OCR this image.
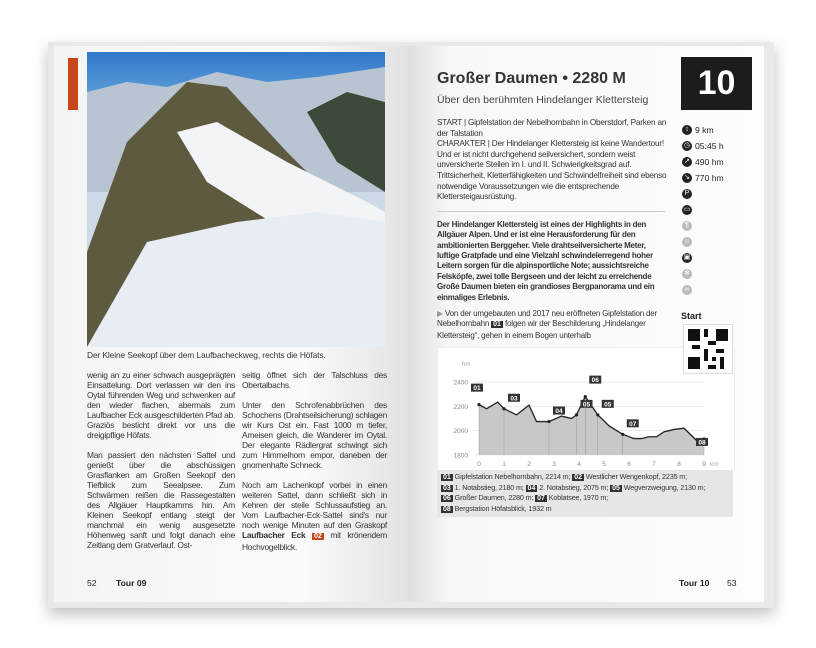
Der Kleine Seekopf über dem Laufbacheckweg, rechts die Höfats.

wenig an zu einer schwach ausgeprägten Einsattelung. Dort verlassen wir den ins Oytal führenden Weg und schwenken auf den wieder flachen, abermals zum Laufbacher Eck ausgeschilderten Pfad ab. Graziös besticht direkt vor uns die dreigipflige Höfats.

Man passiert den nächsten Sattel und genießt über die abschüssigen Grasflanken am Großen Seekopf den Tiefblick zum Seealpsee. Zum Schwärmen reißen die Rassegestalten des Allgäuer Hauptkamms hin. Am Kleinen Seekopf entlang steigt der manchmal ein wenig ausgesetzte Höhenweg sanft und folgt danach eine Zeitlang dem Gratverlauf. Ost-

seitig öffnet sich der Talschluss des Obertalbachs.

Unter den Schrofenabbrüchen des Schochens (Drahtseilsicherung) schlagen wir Kurs Ost ein. Fast 1000 m tiefer, Ameisen gleich, die Wanderer im Oytal. Der elegante Rädlergrat schwingt sich zum Himmelhorn empor, daneben der gnomenhafte Schneck.

Noch am Lachenkopf vorbei in einen weiteren Sattel, dann schließt sich in Kehren der steile Schlussaufstieg an. Vom Laufbacher-Eck-Sattel sind's nur noch wenige Minuten auf den Graskopf Laufbacher Eck 02 mit krönendem Hochvogelblick.

52 Tour 09
Großer Daumen • 2280 M
Über den berühmten Hindelanger Klettersteig	10
START | Gipfelstation der Nebelhornbahn in Oberstdorf, Parken an der Talstation
CHARAKTER | Der Hindelanger Klettersteig ist keine Wandertour! Und er ist nicht durchgehend seilversichert, sondern weist unversicherte Stellen im I. und II. Schwierigkeitsgrad auf. Trittsicherheit, Kletterfähigkeiten und Schwindelfreiheit sind ebenso notwendige Voraussetzungen wie die entsprechende Klettersteigausrüstung.
Der Hindelanger Klettersteig ist eines der Highlights in den Allgäuer Alpen. Und er ist eine Herausforderung für den ambitionierten Berggeher. Viele drahtseilversicherte Meter, luftige Gratpfade und eine Vielzahl schwindelerregend hoher Leitern sorgen für die alpinsportliche Note; aussichtsreiche Felsköpfe, zwei tolle Bergseen und der leicht zu erreichende Große Daumen bieten ein grandioses Bergpanorama und ein einmaliges Erlebnis.
▶ Von der umgebauten und 2017 neu eröffneten Gipfelstation der Nebelhornbahn 01 folgen wir der Beschilderung „Hindelanger Klettersteig“, gehen in einem Bogen unterhalb
1800
2000
2200
2400
hm
0	1	2	3	4	5	6	7	8	9 km
01
03
04
05
06
05
07
08
01 Gipfelstation Nebelhornbahn, 2214 m; 02 Westlicher Wengenkopf, 2235 m;
03 1. Notabstieg, 2180 m; 04 2. Notabstieg, 2075 m; 05 Wegverzweigung, 2130 m;
06 Großer Daumen, 2280 m; 07 Koblatsee, 1970 m;
08 Bergstation Höfatsblick, 1932 m
↕ 9 km
◷ 05:45 h
↗ 490 hm
↘ 770 hm
P
▭
¶
☺
▣
✻
∞
Start
Tour 10 53
